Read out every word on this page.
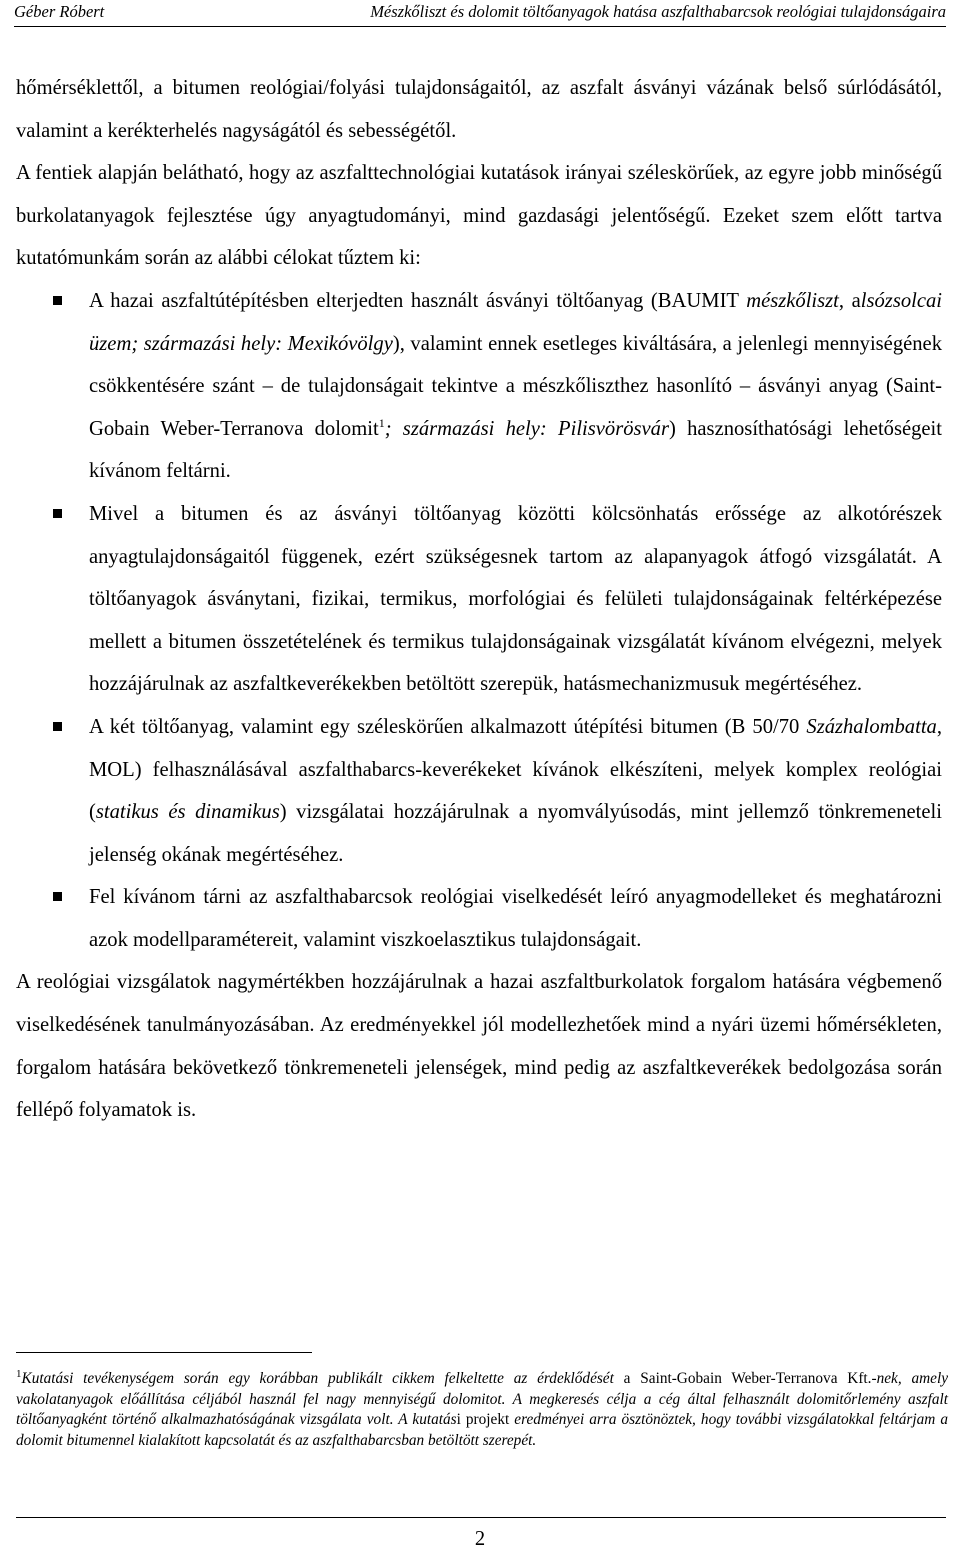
Géber Róbert	Mészkőliszt és dolomit töltőanyagok hatása aszfalthabarcsok reológiai tulajdonságaira

hőmérséklettől, a bitumen reológiai/folyási tulajdonságaitól, az aszfalt ásványi vázának belső súrlódásától, valamint a kerékterhelés nagyságától és sebességétől.

A fentiek alapján belátható, hogy az aszfalttechnológiai kutatások irányai széleskörűek, az egyre jobb minőségű burkolatanyagok fejlesztése úgy anyagtudományi, mind gazdasági jelentőségű. Ezeket szem előtt tartva kutatómunkám során az alábbi célokat tűztem ki:

A hazai aszfaltútépítésben elterjedten használt ásványi töltőanyag (BAUMIT mészkőliszt, alsózsolcai üzem; származási hely: Mexikóvölgy), valamint ennek esetleges kiváltására, a jelenlegi mennyiségének csökkentésére szánt – de tulajdonságait tekintve a mészkőliszthez hasonlító – ásványi anyag (Saint-Gobain Weber-Terranova dolomit$^1$; származási hely: Pilisvörösvár) hasznosíthatósági lehetőségeit kívánom feltárni.
Mivel a bitumen és az ásványi töltőanyag közötti kölcsönhatás erőssége az alkotórészek anyagtulajdonságaitól függenek, ezért szükségesnek tartom az alapanyagok átfogó vizsgálatát. A töltőanyagok ásványtani, fizikai, termikus, morfológiai és felületi tulajdonságainak feltérképezése mellett a bitumen összetételének és termikus tulajdonságainak vizsgálatát kívánom elvégezni, melyek hozzájárulnak az aszfaltkeverékekben betöltött szerepük, hatásmechanizmusuk megértéséhez.
A két töltőanyag, valamint egy széleskörűen alkalmazott útépítési bitumen (B 50/70 Százhalombatta, MOL) felhasználásával aszfalthabarcs-keverékeket kívánok elkészíteni, melyek komplex reológiai (statikus és dinamikus) vizsgálatai hozzájárulnak a nyomvályúsodás, mint jellemző tönkremeneteli jelenség okának megértéséhez.
Fel kívánom tárni az aszfalthabarcsok reológiai viselkedését leíró anyagmodelleket és meghatározni azok modellparamétereit, valamint viszkoelasztikus tulajdonságait.

A reológiai vizsgálatok nagymértékben hozzájárulnak a hazai aszfaltburkolatok forgalom hatására végbemenő viselkedésének tanulmányozásában. Az eredményekkel jól modellezhetőek mind a nyári üzemi hőmérsékleten, forgalom hatására bekövetkező tönkremeneteli jelenségek, mind pedig az aszfaltkeverékek bedolgozása során fellépő folyamatok is.

$^1$Kutatási tevékenységem során egy korábban publikált cikkem felkeltette az érdeklődését a Saint-Gobain Weber-Terranova Kft.-nek, amely vakolatanyagok előállítása céljából használ fel nagy mennyiségű dolomitot. A megkeresés célja a cég által felhasznált dolomitőrlemény aszfalt töltőanyagként történő alkalmazhatóságának vizsgálata volt. A kutatási projekt eredményei arra ösztönöztek, hogy további vizsgálatokkal feltárjam a dolomit bitumennel kialakított kapcsolatát és az aszfalthabarcsban betöltött szerepét.

2
